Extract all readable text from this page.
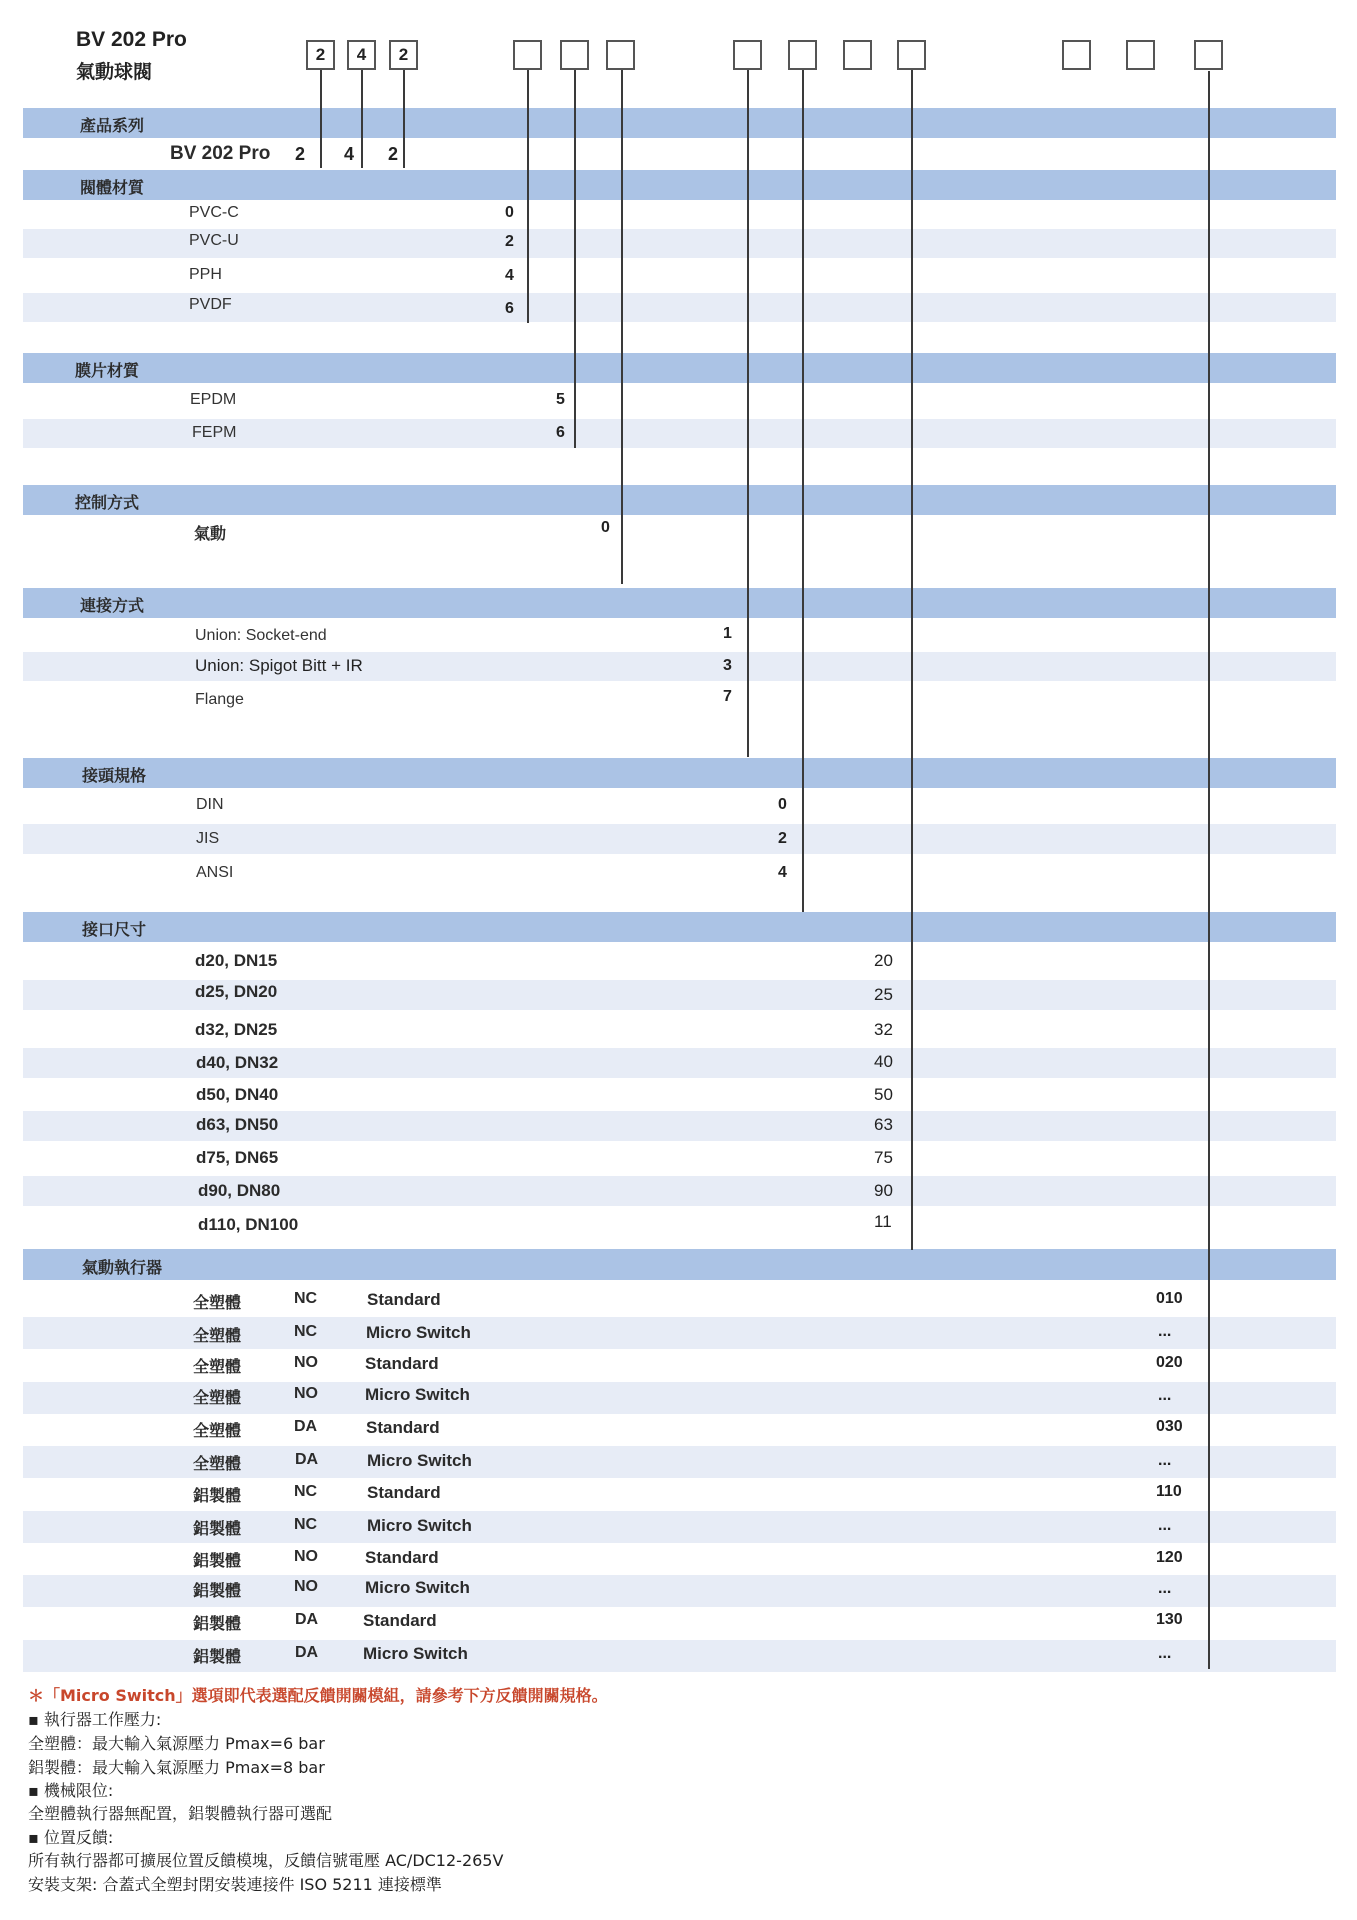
BV 202 Pro
氣動球閥
2	4	2
產品系列
閥體材質
膜片材質
控制方式
連接方式
接頭規格
接口尺寸
氣動執行器
BV 202 Pro 2 4 2
PVC-C	0
PVC-U	2
PPH	4
PVDF	6
EPDM	5
FEPM	6
氣動	0
Union: Socket-end	1
Union: Spigot Bitt + IR	3
Flange	7
DIN	0
JIS	2
ANSI	4
d20, DN15	20
d25, DN20	25
d32, DN25	32
d40, DN32	40
d50, DN40	50
d63, DN50	63
d75, DN65	75
d90, DN80	90
d110, DN100	11
全塑體	NC	Standard	010
全塑體	NC	Micro Switch	...
全塑體	NO	Standard	020
全塑體	NO	Micro Switch	...
全塑體	DA	Standard	030
全塑體	DA	Micro Switch	...
鋁製體	NC	Standard	110
鋁製體	NC	Micro Switch	...
鋁製體	NO	Standard	120
鋁製體	NO	Micro Switch	...
鋁製體	DA	Standard	130
鋁製體	DA	Micro Switch	...
＊「Micro Switch」選項即代表選配反饋開關模組，請參考下方反饋開關規格。
▪ 執行器工作壓力:
全塑體：最大輸入氣源壓力 Pmax=6 bar
鋁製體：最大輸入氣源壓力 Pmax=8 bar
▪ 機械限位:
全塑體執行器無配置，鋁製體執行器可選配
▪ 位置反饋:
所有執行器都可擴展位置反饋模塊，反饋信號電壓 AC/DC12-265V
安裝支架: 合蓋式全塑封閉安裝連接件 ISO 5211 連接標準
